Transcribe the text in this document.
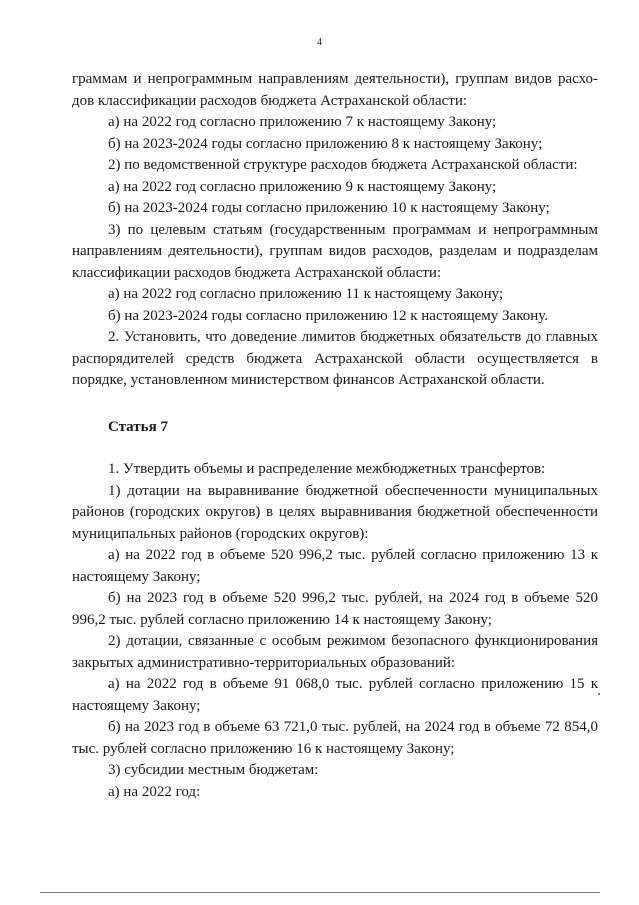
4

граммам и непрограммным направлениям деятельности), группам видов расхо-

дов классификации расходов бюджета Астраханской области:

а) на 2022 год согласно приложению 7 к настоящему Закону;

б) на 2023-2024 годы согласно приложению 8 к настоящему Закону;

2) по ведомственной структуре расходов бюджета Астраханской области:

а) на 2022 год согласно приложению 9 к настоящему Закону;

б) на 2023-2024 годы согласно приложению 10 к настоящему Закону;

3) по целевым статьям (государственным программам и непрограммным направлениям деятельности), группам видов расходов, разделам и подразделам классификации расходов бюджета Астраханской области:

а) на 2022 год согласно приложению 11 к настоящему Закону;

б) на 2023-2024 годы согласно приложению 12 к настоящему Закону.

2. Установить, что доведение лимитов бюджетных обязательств до главных распорядителей средств бюджета Астраханской области осуществляется в порядке, установленном министерством финансов Астраханской области.

Статья 7

1. Утвердить объемы и распределение межбюджетных трансфертов:

1) дотации на выравнивание бюджетной обеспеченности муниципальных районов (городских округов) в целях выравнивания бюджетной обеспеченности муниципальных районов (городских округов):

а) на 2022 год в объеме 520 996,2 тыс. рублей согласно приложению 13 к настоящему Закону;

б) на 2023 год в объеме 520 996,2 тыс. рублей, на 2024 год в объеме 520 996,2 тыс. рублей согласно приложению 14 к настоящему Закону;

2) дотации, связанные с особым режимом безопасного функционирования закрытых административно-территориальных образований:

а) на 2022 год в объеме 91 068,0 тыс. рублей согласно приложению 15 к настоящему Закону;

б) на 2023 год в объеме 63 721,0 тыс. рублей, на 2024 год в объеме 72 854,0 тыс. рублей согласно приложению 16 к настоящему Закону;

3) субсидии местным бюджетам:

а) на 2022 год:
